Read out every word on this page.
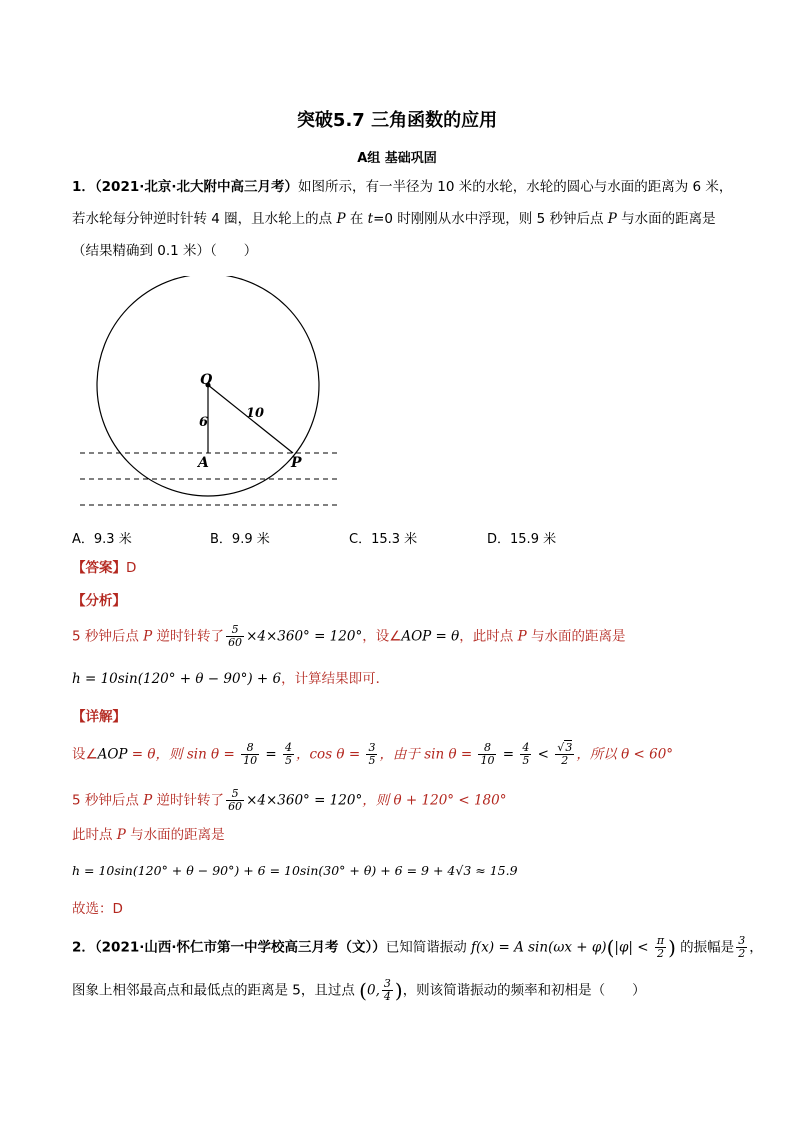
突破5.7 三角函数的应用
A组 基础巩固
1．（2021·北京·北大附中高三月考）如图所示，有一半径为 10 米的水轮，水轮的圆心与水面的距离为 6 米，
若水轮每分钟逆时针转 4 圈，且水轮上的点 P 在 t=0 时刚刚从水中浮现，则 5 秒钟后点 P 与水面的距离是
（结果精确到 0.1 米）（　　）
Q
6
10
A	P
A．9.3 米	B．9.9 米	C．15.3 米	D．15.9 米
【答案】D
【分析】
5 秒钟后点 P 逆时针转了 $\frac{5}{60} \times 4\times 360^\circ = 120^\circ$，设∠AOP = θ，此时点 P 与水面的距离是
h = 10sin(120° + θ − 90°) + 6，计算结果即可．
【详解】
设∠AOP = θ，则 $\sin \theta = \frac{8}{10} = \frac{4}{5}$ ，$\cos \theta = \frac{3}{5}$ ，由于 $\sin \theta = \frac{8}{10} = \frac{4}{5} < \frac{√3}{2}$ ，所以 θ < 60°
5 秒钟后点 P 逆时针转了 $\frac{5}{60} \times 4\times 360^\circ = 120^\circ$，则 θ + 120° < 180°
此时点 P 与水面的距离是
h = 10sin(120° + θ − 90°) + 6 = 10sin(30° + θ) + 6 = 9 + 4√3 ≈ 15.9
故选：D
2．（2021·山西·怀仁市第一中学校高三月考（文））已知简谐振动 f(x) = A $\sin(\omega x + \varphi)(|\varphi| < \frac{\pi}{2}$ ) 的振幅是 $\frac{3}{2}$ ，
图象上相邻最高点和最低点的距离是 5，且过点 (0, $\frac{3}{4}$ )，则该简谐振动的频率和初相是（　　）
